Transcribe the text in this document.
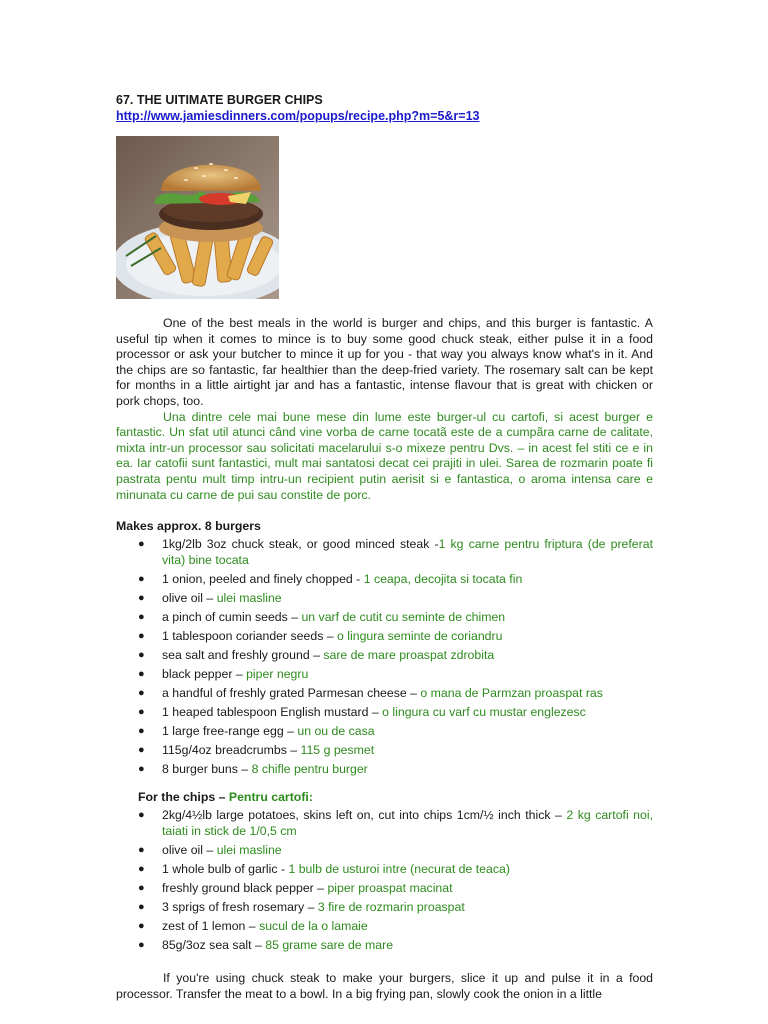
67. THE UITIMATE BURGER CHIPS

http://www.jamiesdinners.com/popups/recipe.php?m=5&r=13

One of the best meals in the world is burger and chips, and this burger is fantastic. A useful tip when it comes to mince is to buy some good chuck steak, either pulse it in a food processor or ask your butcher to mince it up for you - that way you always know what's in it. And the chips are so fantastic, far healthier than the deep-fried variety. The rosemary salt can be kept for months in a little airtight jar and has a fantastic, intense flavour that is great with chicken or pork chops, too.

Una dintre cele mai bune mese din lume este burger-ul cu cartofi, si acest burger e fantastic. Un sfat util atunci când vine vorba de carne tocatã este de a cumpãra carne de calitate, mixta intr-un processor sau solicitati macelarului s-o mixeze pentru Dvs. – in acest fel stiti ce e in ea. Iar catofii sunt fantastici, mult mai santatosi decat cei prajiti in ulei. Sarea de rozmarin poate fi pastrata pentu mult timp intru-un recipient putin aerisit si e fantastica, o aroma intensa care e minunata cu carne de pui sau constite de porc.

Makes approx. 8 burgers
● 1kg/2lb 3oz chuck steak, or good minced steak -1 kg carne pentru friptura (de preferat vita) bine tocata
● 1 onion, peeled and finely chopped - 1 ceapa, decojita si tocata fin
● olive oil – ulei masline
● a pinch of cumin seeds – un varf de cutit cu seminte de chimen
● 1 tablespoon coriander seeds – o lingura seminte de coriandru
● sea salt and freshly ground – sare de mare proaspat zdrobita
● black pepper – piper negru
● a handful of freshly grated Parmesan cheese – o mana de Parmzan proaspat ras
● 1 heaped tablespoon English mustard – o lingura cu varf cu mustar englezesc
● 1 large free-range egg – un ou de casa
● 115g/4oz breadcrumbs – 115 g pesmet
● 8 burger buns – 8 chifle pentru burger
For the chips – Pentru cartofi:
● 2kg/4½lb large potatoes, skins left on, cut into chips 1cm/½ inch thick – 2 kg cartofi noi, taiati in stick de 1/0,5 cm
● olive oil – ulei masline
● 1 whole bulb of garlic - 1 bulb de usturoi intre (necurat de teaca)
● freshly ground black pepper – piper proaspat macinat
● 3 sprigs of fresh rosemary – 3 fire de rozmarin proaspat
● zest of 1 lemon – sucul de la o lamaie
● 85g/3oz sea salt – 85 grame sare de mare

If you're using chuck steak to make your burgers, slice it up and pulse it in a food processor. Transfer the meat to a bowl. In a big frying pan, slowly cook the onion in a little
